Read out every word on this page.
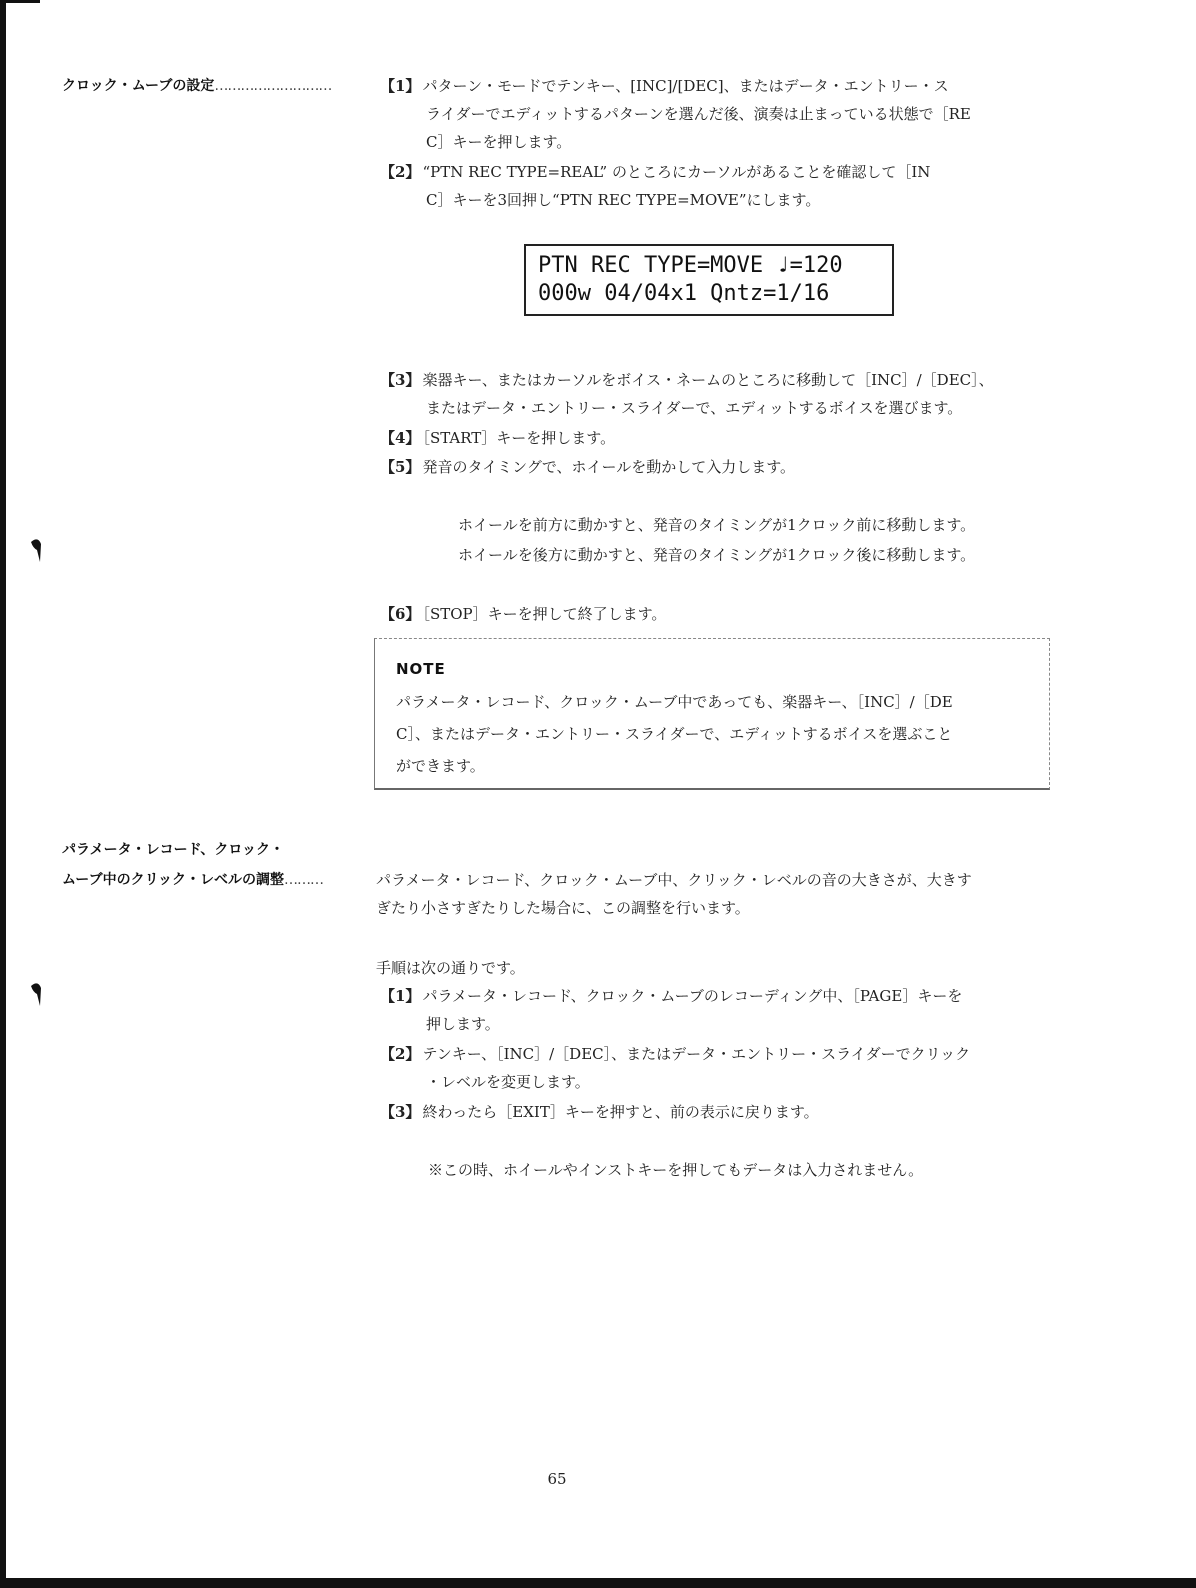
クロック・ムーブの設定………………………	【1】 パターン・モードでテンキー、[INC]/[DEC]、またはデータ・エントリー・ス
ライダーでエディットするパターンを選んだ後、演奏は止まっている状態で［RE
C］キーを押します。
【2】 “PTN REC TYPE=REAL” のところにカーソルがあることを確認して［IN
C］キーを3回押し“PTN REC TYPE=MOVE”にします。
PTN REC TYPE=MOVE ♩=120
000w 04/04x1 Qntz=1/16
【3】 楽器キー、またはカーソルをボイス・ネームのところに移動して［INC］/［DEC］、
またはデータ・エントリー・スライダーで、エディットするボイスを選びます。
【4】 ［START］キーを押します。
【5】 発音のタイミングで、ホイールを動かして入力します。
ホイールを前方に動かすと、発音のタイミングが1クロック前に移動します。
ホイールを後方に動かすと、発音のタイミングが1クロック後に移動します。
【6】 ［STOP］キーを押して終了します。
NOTE
パラメータ・レコード、クロック・ムーブ中であっても、楽器キー、［INC］/［DE
C］、またはデータ・エントリー・スライダーで、エディットするボイスを選ぶこと
ができます。
パラメータ・レコード、クロック・
ムーブ中のクリック・レベルの調整………	パラメータ・レコード、クロック・ムーブ中、クリック・レベルの音の大きさが、大きす
ぎたり小さすぎたりした場合に、この調整を行います。
手順は次の通りです。
【1】 パラメータ・レコード、クロック・ムーブのレコーディング中、［PAGE］キーを
押します。
【2】 テンキー、［INC］/［DEC］、またはデータ・エントリー・スライダーでクリック
・レベルを変更します。
【3】 終わったら［EXIT］キーを押すと、前の表示に戻ります。
※この時、ホイールやインストキーを押してもデータは入力されません。
65
